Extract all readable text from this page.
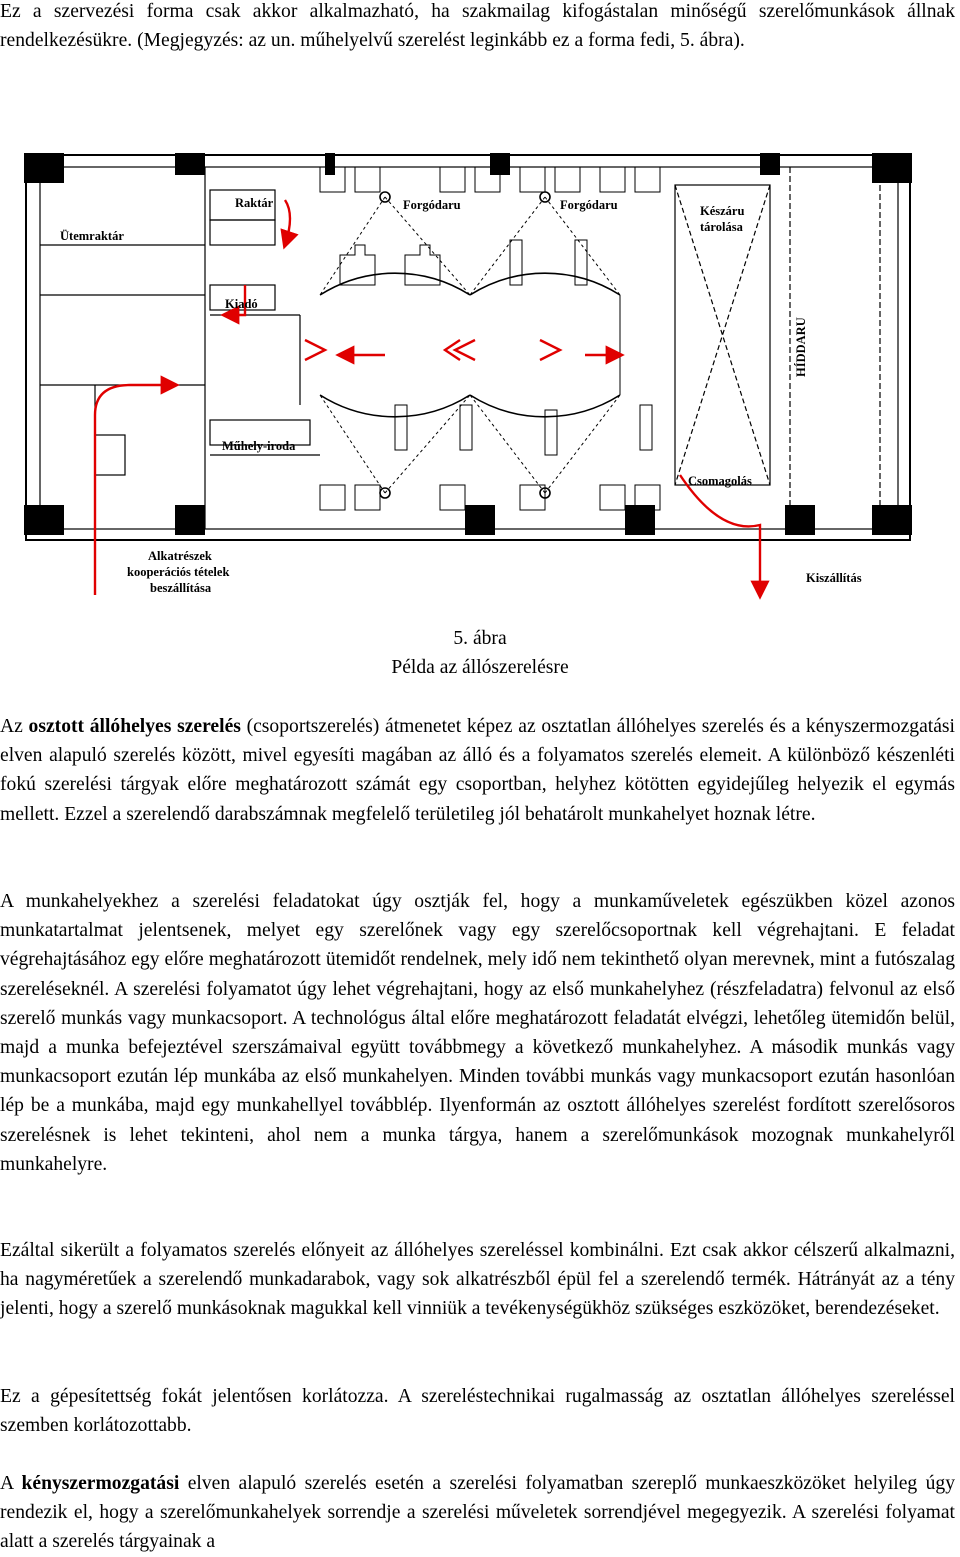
Ez a szervezési forma csak akkor alkalmazható, ha szakmailag kifogástalan minőségű szerelőmunkások állnak rendelkezésükre. (Megjegyzés: az un. műhelyelvű szerelést leginkább ez a forma fedi, 5. ábra).

Ütemraktár
Raktár
Kiadó
Forgódaru	Forgódaru	Készáru
tárolása
HÍDDARU
Műhely-iroda
Csomagolás
Alkatrészek
kooperációs tételek
beszállítása
Kiszállítás
5. ábra
Példa az állószerelésre

Az osztott állóhelyes szerelés (csoportszerelés) átmenetet képez az osztatlan állóhelyes szerelés és a kényszermozgatási elven alapuló szerelés között, mivel egyesíti magában az álló és a folyamatos szerelés elemeit. A különböző készenléti fokú szerelési tárgyak előre meghatározott számát egy csoportban, helyhez kötötten egyidejűleg helyezik el egymás mellett. Ezzel a szerelendő darabszámnak megfelelő területileg jól behatárolt munkahelyet hoznak létre.

A munkahelyekhez a szerelési feladatokat úgy osztják fel, hogy a munkaműveletek egészükben közel azonos munkatartalmat jelentsenek, melyet egy szerelőnek vagy egy szerelőcsoportnak kell végrehajtani. E feladat végrehajtásához egy előre meghatározott ütemidőt rendelnek, mely idő nem tekinthető olyan merevnek, mint a futószalag szereléseknél. A szerelési folyamatot úgy lehet végrehajtani, hogy az első munkahelyhez (részfeladatra) felvonul az első szerelő munkás vagy munkacsoport. A technológus által előre meghatározott feladatát elvégzi, lehetőleg ütemidőn belül, majd a munka befejeztével szerszámaival együtt továbbmegy a következő munkahelyhez. A második munkás vagy munkacsoport ezután lép munkába az első munkahelyen. Minden további munkás vagy munkacsoport ezután hasonlóan lép be a munkába, majd egy munkahellyel továbblép. Ilyenformán az osztott állóhelyes szerelést fordított szerelősoros szerelésnek is lehet tekinteni, ahol nem a munka tárgya, hanem a szerelőmunkások mozognak munkahelyről munkahelyre.

Ezáltal sikerült a folyamatos szerelés előnyeit az állóhelyes szereléssel kombinálni. Ezt csak akkor célszerű alkalmazni, ha nagyméretűek a szerelendő munkadarabok, vagy sok alkatrészből épül fel a szerelendő termék. Hátrányát az a tény jelenti, hogy a szerelő munkásoknak magukkal kell vinniük a tevékenységükhöz szükséges eszközöket, berendezéseket.

Ez a gépesítettség fokát jelentősen korlátozza. A szereléstechnikai rugalmasság az osztatlan állóhelyes szereléssel szemben korlátozottabb.

A kényszermozgatási elven alapuló szerelés esetén a szerelési folyamatban szereplő munkaeszközöket helyileg úgy rendezik el, hogy a szerelőmunkahelyek sorrendje a szerelési műveletek sorrendjével megegyezik. A szerelési folyamat alatt a szerelés tárgyainak a
